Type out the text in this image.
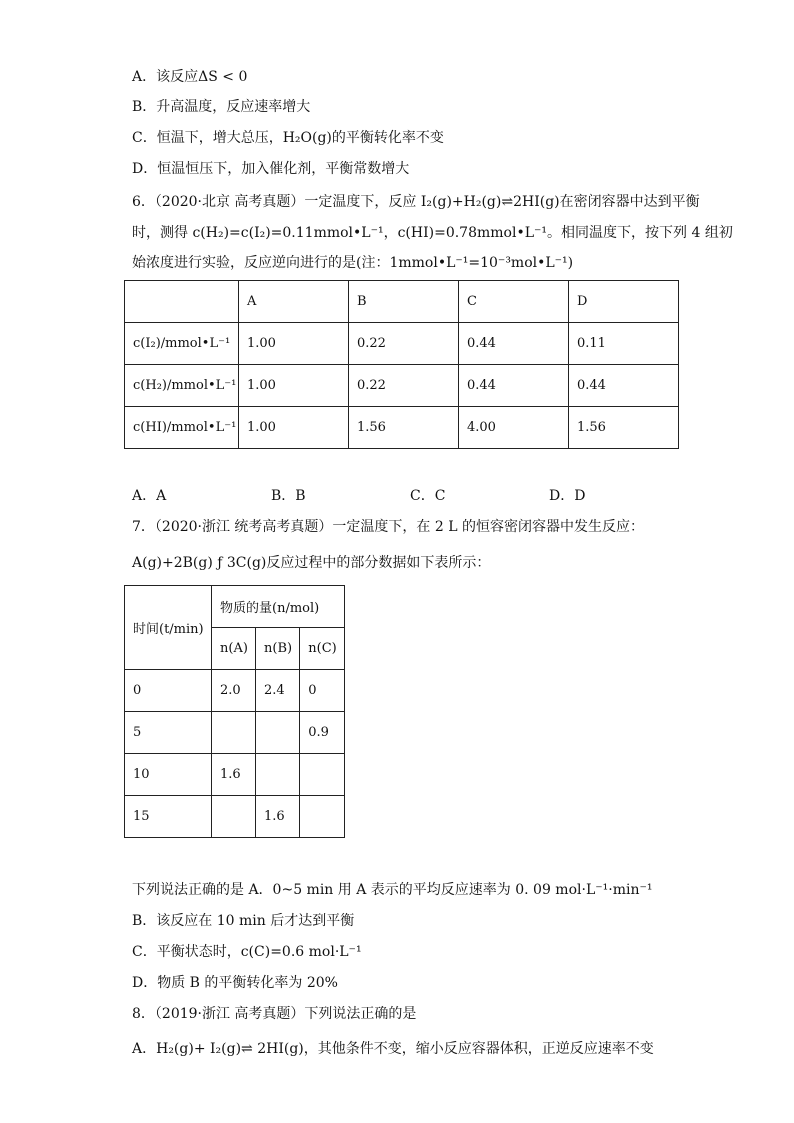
A．该反应ΔS < 0
B．升高温度，反应速率增大
C．恒温下，增大总压，H₂O(g)的平衡转化率不变
D．恒温恒压下，加入催化剂，平衡常数增大
6．（2020·北京 高考真题）一定温度下，反应 I₂(g)+H₂(g)⇌2HI(g)在密闭容器中达到平衡
时，测得 c(H₂)=c(I₂)=0.11mmol•L⁻¹，c(HI)=0.78mmol•L⁻¹。相同温度下，按下列 4 组初
始浓度进行实验，反应逆向进行的是(注：1mmol•L⁻¹=10⁻³mol•L⁻¹)
	A	B	C	D
c(I₂)/mmol•L⁻¹	1.00	0.22	0.44	0.11
c(H₂)/mmol•L⁻¹	1.00	0.22	0.44	0.44
c(HI)/mmol•L⁻¹	1.00	1.56	4.00	1.56
A．A	B．B	C．C	D．D
7．（2020·浙江 统考高考真题）一定温度下，在 2 L 的恒容密闭容器中发生反应：
A(g)+2B(g) ƒ 3C(g)反应过程中的部分数据如下表所示：
时间(t/min)	物质的量(n/mol)		
	n(A)	n(B)	n(C)
0	2.0	2.4	0
5			0.9
10	1.6		
15		1.6	
下列说法正确的是 A．0~5 min 用 A 表示的平均反应速率为 0. 09 mol·L⁻¹·min⁻¹
B．该反应在 10 min 后才达到平衡
C．平衡状态时，c(C)=0.6 mol·L⁻¹
D．物质 B 的平衡转化率为 20%
8．（2019·浙江 高考真题）下列说法正确的是
A．H₂(g)+ I₂(g)⇌ 2HI(g)，其他条件不变，缩小反应容器体积，正逆反应速率不变
